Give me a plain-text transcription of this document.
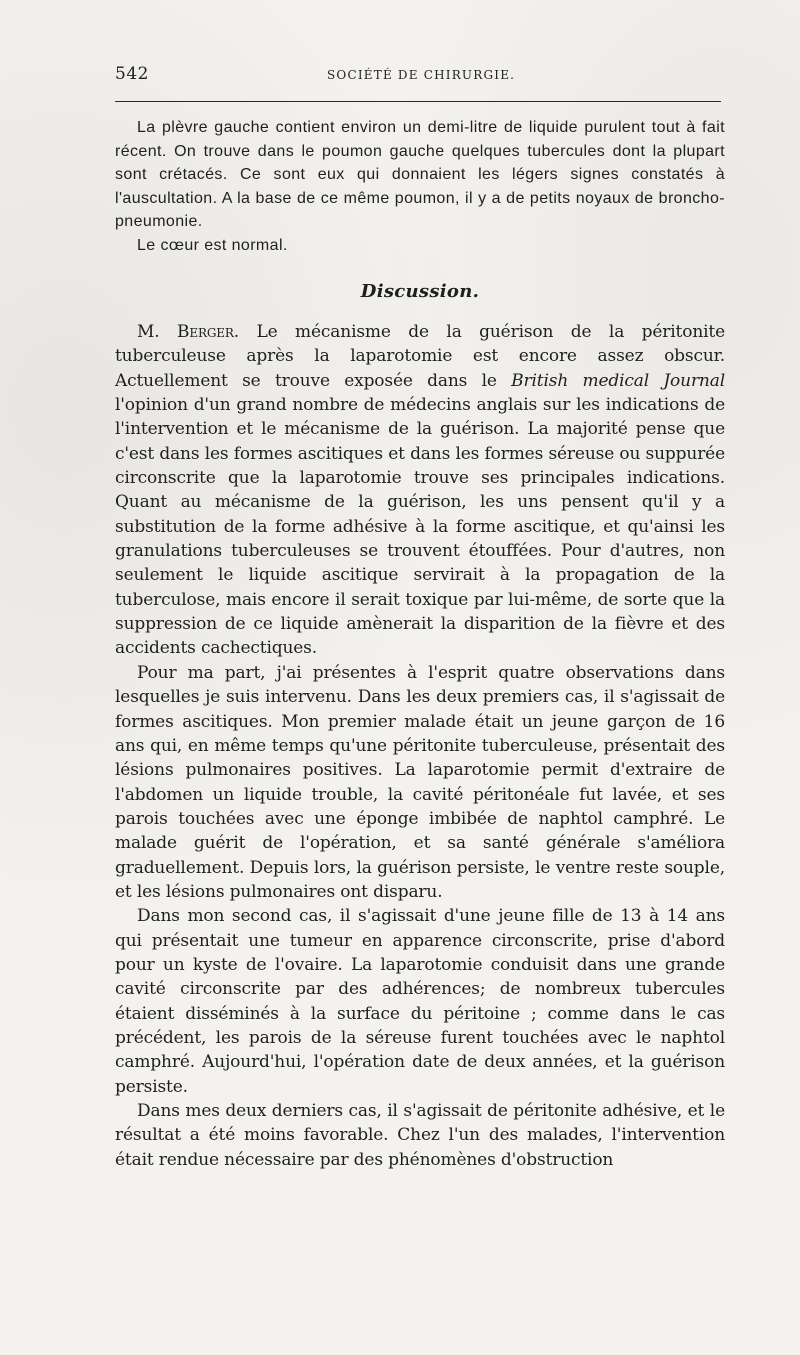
542	SOCIÉTÉ DE CHIRURGIE.

La plèvre gauche contient environ un demi-litre de liquide purulent tout à fait récent. On trouve dans le poumon gauche quelques tubercules dont la plupart sont crétacés. Ce sont eux qui donnaient les légers signes constatés à l'auscultation. A la base de ce même poumon, il y a de petits noyaux de broncho-pneumonie.

Le cœur est normal.

Discussion.

M. Berger. Le mécanisme de la guérison de la péritonite tuberculeuse après la laparotomie est encore assez obscur. Actuellement se trouve exposée dans le British medical Journal l'opinion d'un grand nombre de médecins anglais sur les indications de l'intervention et le mécanisme de la guérison. La majorité pense que c'est dans les formes ascitiques et dans les formes séreuse ou suppurée circonscrite que la laparotomie trouve ses principales indications. Quant au mécanisme de la guérison, les uns pensent qu'il y a substitution de la forme adhésive à la forme ascitique, et qu'ainsi les granulations tuberculeuses se trouvent étouffées. Pour d'autres, non seulement le liquide ascitique servirait à la propagation de la tuberculose, mais encore il serait toxique par lui-même, de sorte que la suppression de ce liquide amènerait la disparition de la fièvre et des accidents cachectiques.

Pour ma part, j'ai présentes à l'esprit quatre observations dans lesquelles je suis intervenu. Dans les deux premiers cas, il s'agissait de formes ascitiques. Mon premier malade était un jeune garçon de 16 ans qui, en même temps qu'une péritonite tuberculeuse, présentait des lésions pulmonaires positives. La laparotomie permit d'extraire de l'abdomen un liquide trouble, la cavité péritonéale fut lavée, et ses parois touchées avec une éponge imbibée de naphtol camphré. Le malade guérit de l'opération, et sa santé générale s'améliora graduellement. Depuis lors, la guérison persiste, le ventre reste souple, et les lésions pulmonaires ont disparu.

Dans mon second cas, il s'agissait d'une jeune fille de 13 à 14 ans qui présentait une tumeur en apparence circonscrite, prise d'abord pour un kyste de l'ovaire. La laparotomie conduisit dans une grande cavité circonscrite par des adhérences; de nombreux tubercules étaient disséminés à la surface du péritoine ; comme dans le cas précédent, les parois de la séreuse furent touchées avec le naphtol camphré. Aujourd'hui, l'opération date de deux années, et la guérison persiste.

Dans mes deux derniers cas, il s'agissait de péritonite adhésive, et le résultat a été moins favorable. Chez l'un des malades, l'intervention était rendue nécessaire par des phénomènes d'obstruction
